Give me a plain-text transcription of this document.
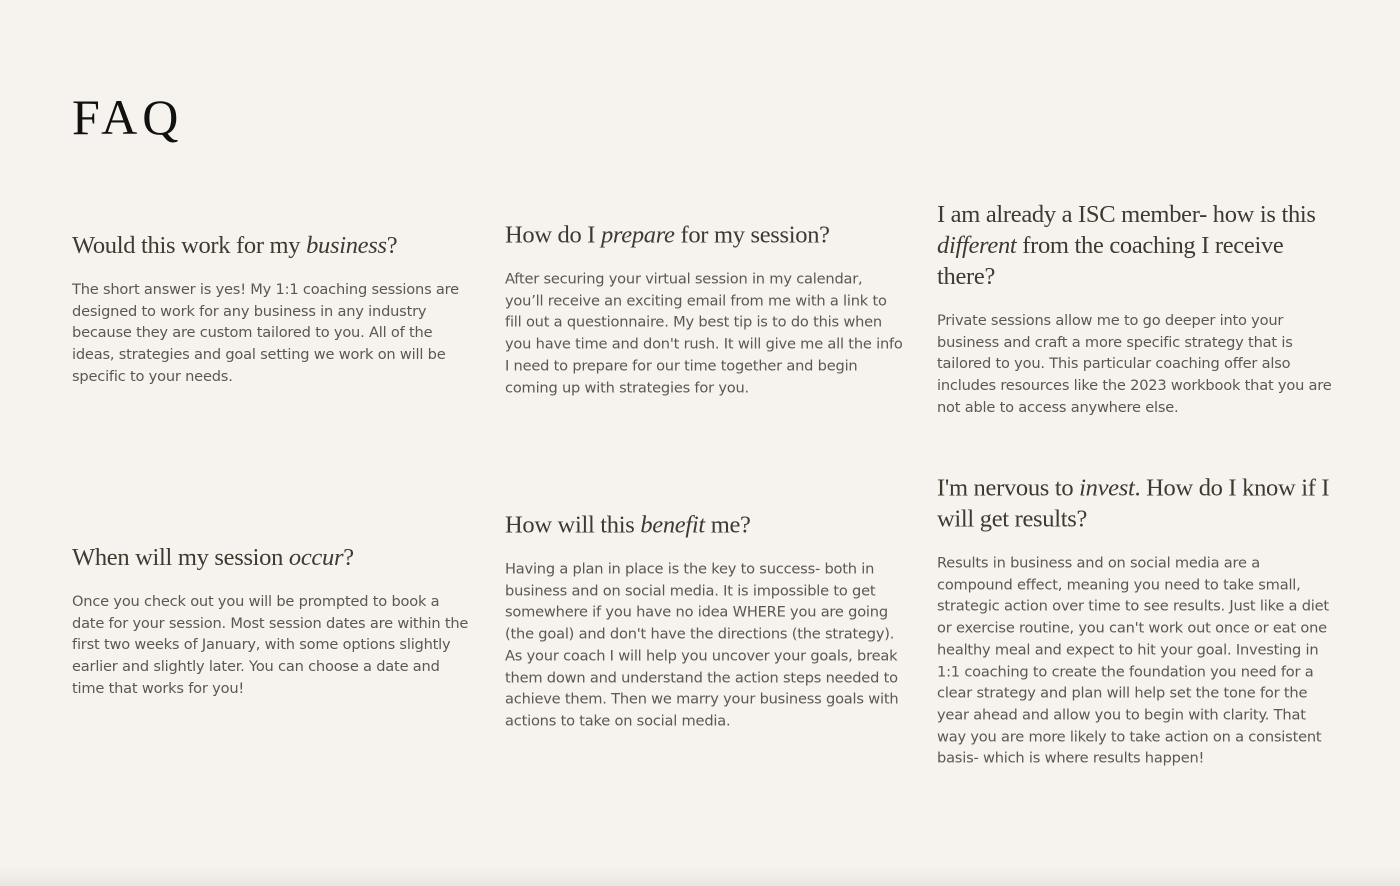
FAQ
Would this work for my business?

The short answer is yes! My 1:1 coaching sessions are designed to work for any business in any industry because they are custom tailored to you. All of the ideas, strategies and goal setting we work on will be specific to your needs.

How do I prepare for my session?

After securing your virtual session in my calendar, you’ll receive an exciting email from me with a link to fill out a questionnaire. My best tip is to do this when you have time and don't rush. It will give me all the info I need to prepare for our time together and begin coming up with strategies for you.

I am already a ISC member- how is this different from the coaching I receive there?

Private sessions allow me to go deeper into your business and craft a more specific strategy that is tailored to you. This particular coaching offer also includes resources like the 2023 workbook that you are not able to access anywhere else.

When will my session occur?

Once you check out you will be prompted to book a date for your session. Most session dates are within the first two weeks of January, with some options slightly earlier and slightly later. You can choose a date and time that works for you!

How will this benefit me?

Having a plan in place is the key to success- both in business and on social media. It is impossible to get somewhere if you have no idea WHERE you are going (the goal) and don't have the directions (the strategy). As your coach I will help you uncover your goals, break them down and understand the action steps needed to achieve them. Then we marry your business goals with actions to take on social media.

I'm nervous to invest. How do I know if I will get results?

Results in business and on social media are a compound effect, meaning you need to take small, strategic action over time to see results. Just like a diet or exercise routine, you can't work out once or eat one healthy meal and expect to hit your goal. Investing in 1:1 coaching to create the foundation you need for a clear strategy and plan will help set the tone for the year ahead and allow you to begin with clarity. That way you are more likely to take action on a consistent basis- which is where results happen!
